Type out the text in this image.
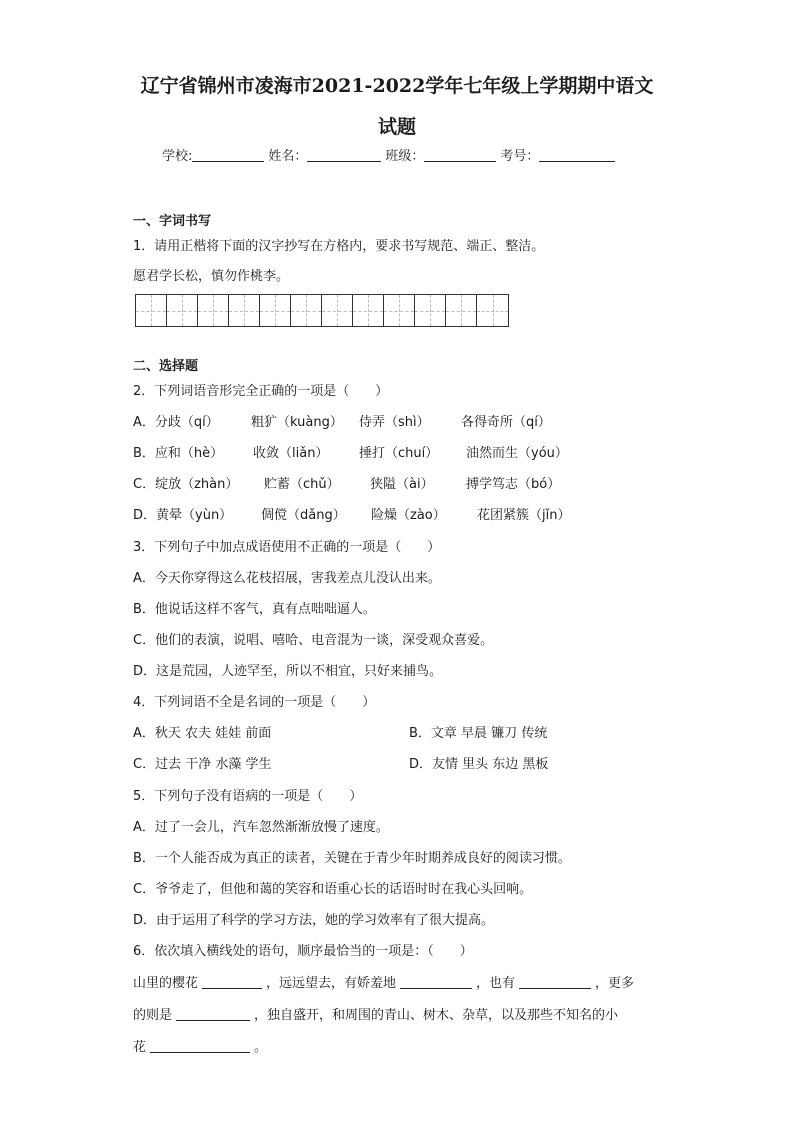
辽宁省锦州市凌海市2021-2022学年七年级上学期期中语文
试题
学校:	姓名：	班级：	考号：
一、字词书写
1．请用正楷将下面的汉字抄写在方格内，要求书写规范、端正、整洁。
愿君学长松，慎勿作桃李。
二、选择题
2．下列词语音形完全正确的一项是（　　）
A．分歧（qí） 粗犷（kuàng） 侍弄（shì） 各得奇所（qí）
B．应和（hè） 收敛（liǎn） 捶打（chuí） 油然而生（yóu）
C．绽放（zhàn） 贮蓄（chǔ） 狭隘（ài） 搏学笃志（bó）
D．黄晕（yùn） 倜傥（dǎng） 险燥（zào） 花团紧簇（jǐn）
3．下列句子中加点成语使用不正确的一项是（　　）
A．今天你穿得这么花枝招展，害我差点儿没认出来。
B．他说话这样不客气，真有点咄咄逼人。
C．他们的表演，说唱、嘻哈、电音混为一谈，深受观众喜爱。
D．这是荒园，人迹罕至，所以不相宜，只好来捕鸟。
4．下列词语不全是名词的一项是（　　）
A．秋天 农夫 娃娃 前面	B．文章 早晨 镰刀 传统
C．过去 干净 水藻 学生	D．友情 里头 东边 黑板
5．下列句子没有语病的一项是（　　）
A．过了一会儿，汽车忽然渐渐放慢了速度。
B．一个人能否成为真正的读者，关键在于青少年时期养成良好的阅读习惯。
C．爷爷走了，但他和蔼的笑容和语重心长的话语时时在我心头回响。
D．由于运用了科学的学习方法，她的学习效率有了很大提高。
6．依次填入横线处的语句，顺序最恰当的一项是：（　　）
山里的樱花	，远远望去，有娇羞地	，也有	，更多
的则是	，独自盛开，和周围的青山、树木、杂草，以及那些不知名的小
花	。
